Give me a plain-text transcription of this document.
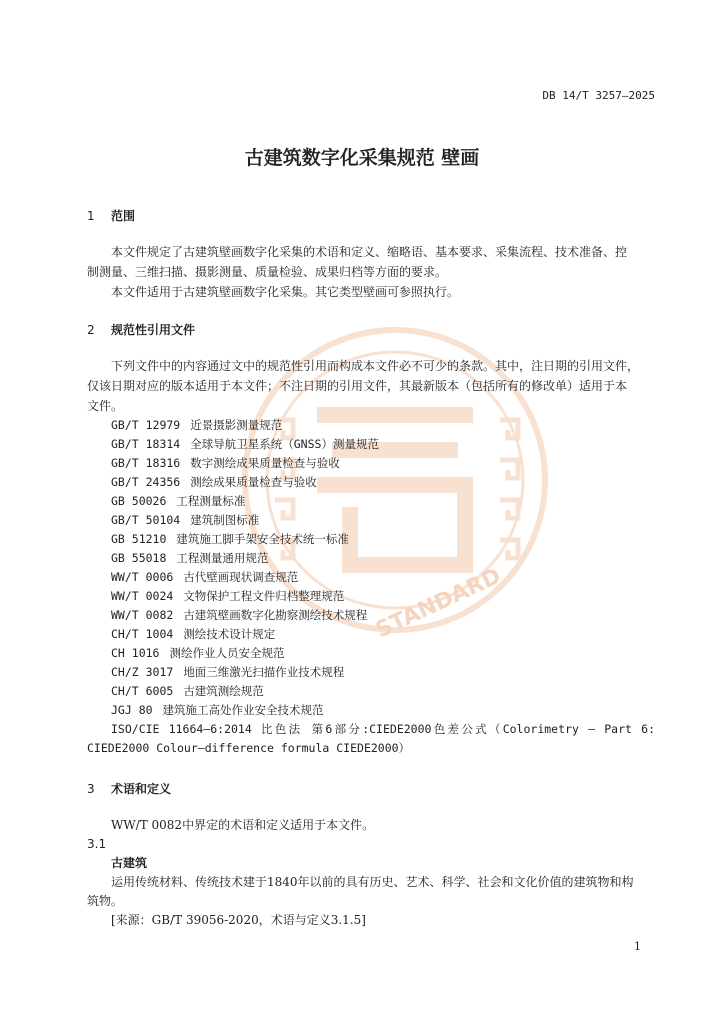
STANDARD
DB 14/T 3257—2025
古建筑数字化采集规范 壁画
1 范围
本文件规定了古建筑壁画数字化采集的术语和定义、缩略语、基本要求、采集流程、技术准备、控
制测量、三维扫描、摄影测量、质量检验、成果归档等方面的要求。
本文件适用于古建筑壁画数字化采集。其它类型壁画可参照执行。
2 规范性引用文件
下列文件中的内容通过文中的规范性引用而构成本文件必不可少的条款。其中，注日期的引用文件，
仅该日期对应的版本适用于本文件；不注日期的引用文件，其最新版本（包括所有的修改单）适用于本
文件。
GB/T 12979 近景摄影测量规范
GB/T 18314 全球导航卫星系统（GNSS）测量规范
GB/T 18316 数字测绘成果质量检查与验收
GB/T 24356 测绘成果质量检查与验收
GB 50026 工程测量标准
GB/T 50104 建筑制图标准
GB 51210 建筑施工脚手架安全技术统一标准
GB 55018 工程测量通用规范
WW/T 0006 古代壁画现状调查规范
WW/T 0024 文物保护工程文件归档整理规范
WW/T 0082 古建筑壁画数字化勘察测绘技术规程
CH/T 1004 测绘技术设计规定
CH 1016 测绘作业人员安全规范
CH/Z 3017 地面三维激光扫描作业技术规程
CH/T 6005 古建筑测绘规范
JGJ 80 建筑施工高处作业安全技术规范
ISO/CIE 11664—6:2014 比色法 第6部分:CIEDE2000色差公式（Colorimetry — Part 6:
CIEDE2000 Colour—difference formula CIEDE2000）
3 术语和定义
WW/T 0082中界定的术语和定义适用于本文件。
3.1
古建筑
运用传统材料、传统技术建于1840年以前的具有历史、艺术、科学、社会和文化价值的建筑物和构
筑物。
[来源：GB/T 39056-2020，术语与定义3.1.5]
1
